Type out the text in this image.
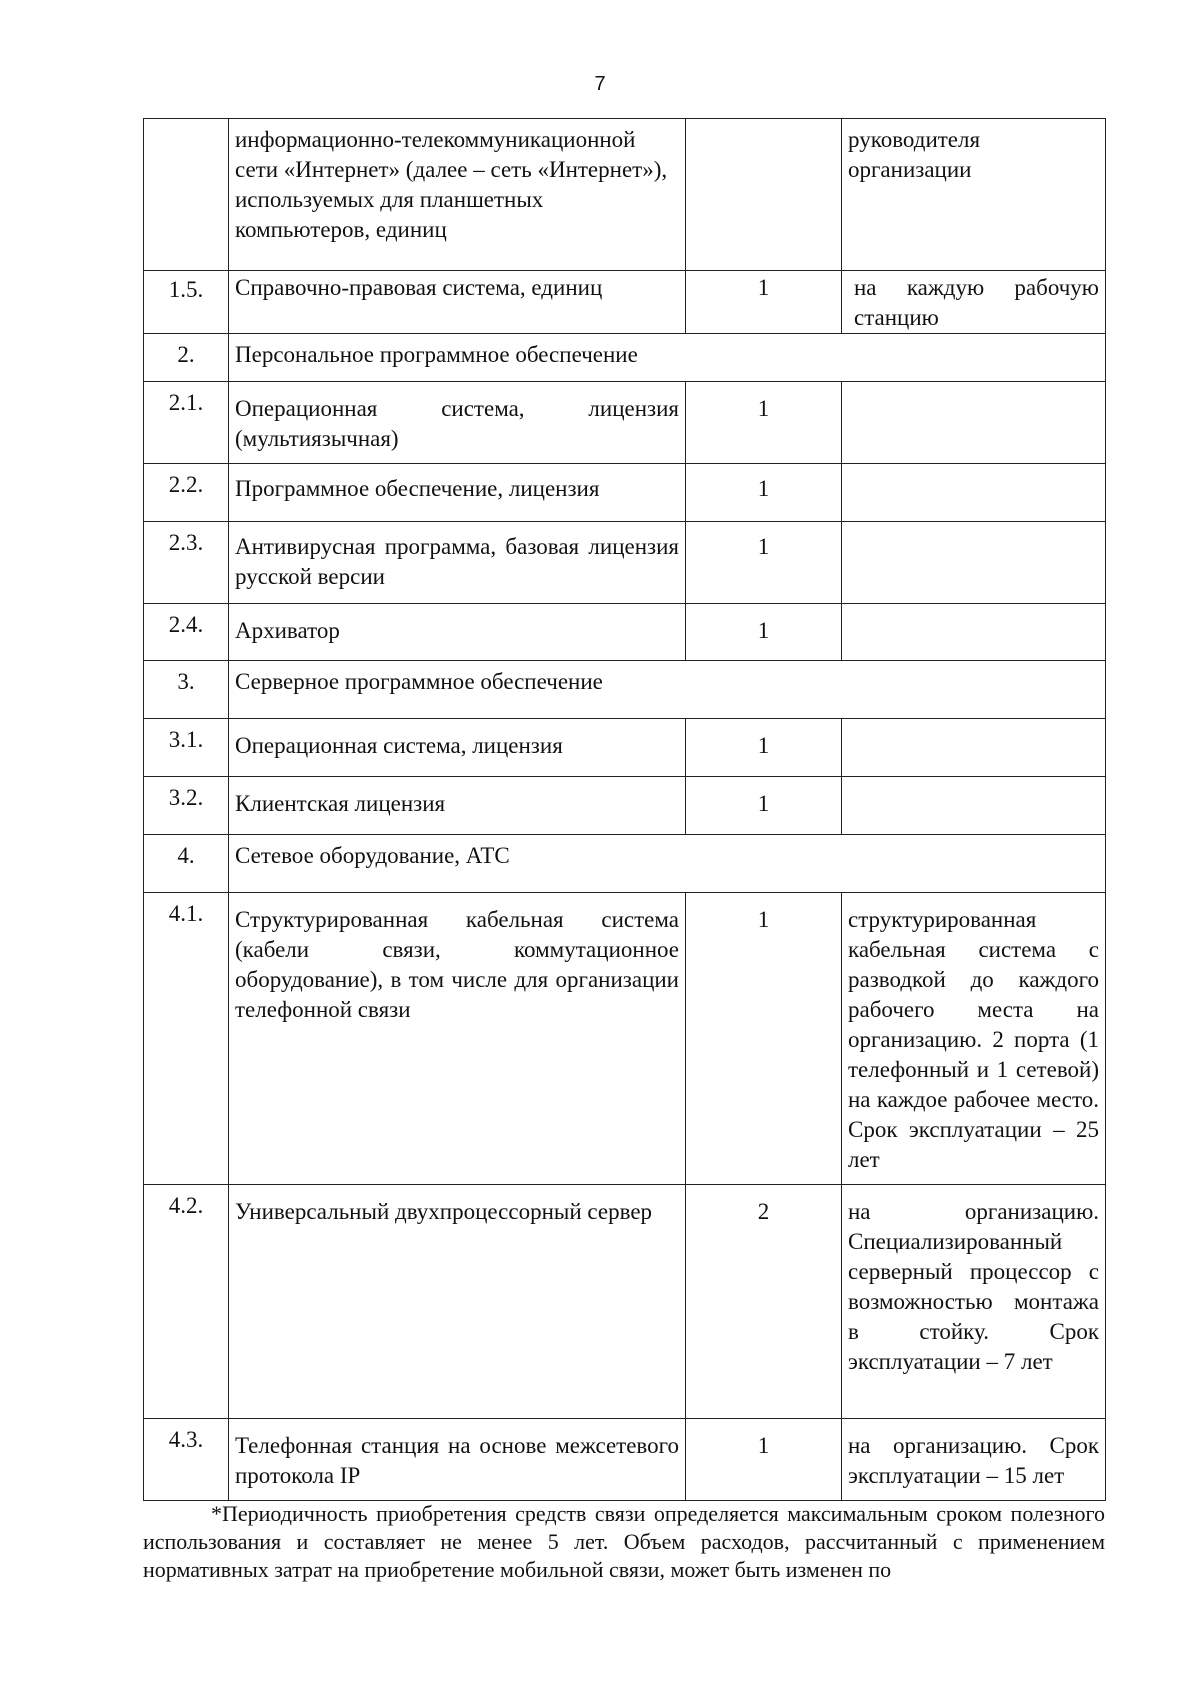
7
	информационно-телекоммуникационной сети «Интернет» (далее – сеть «Интернет»), используемых для планшетных компьютеров, единиц		руководителя организации
1.5.	Справочно-правовая система, единиц	1	на каждую рабочую станцию
2.	Персональное программное обеспечение		
2.1.	Операционная система, лицензия (мультиязычная)	1	
2.2.	Программное обеспечение, лицензия	1	
2.3.	Антивирусная программа, базовая лицензия русской версии	1	
2.4.	Архиватор	1	
3.	Серверное программное обеспечение		
3.1.	Операционная система, лицензия	1	
3.2.	Клиентская лицензия	1	
4.	Сетевое оборудование, АТС		
4.1.	Структурированная кабельная система (кабели связи, коммутационное оборудование), в том числе для организации телефонной связи	1	структурированная кабельная система с разводкой до каждого рабочего места на организацию. 2 порта (1 телефонный и 1 сетевой) на каждое рабочее место. Срок эксплуатации – 25 лет
4.2.	Универсальный двухпроцессорный сервер	2	на организацию. Специализированный серверный процессор с возможностью монтажа в стойку. Срок эксплуатации – 7 лет
4.3.	Телефонная станция на основе межсетевого протокола IP	1	на организацию. Срок эксплуатации – 15 лет
*Периодичность приобретения средств связи определяется максимальным сроком полезного использования и составляет не менее 5 лет. Объем расходов, рассчитанный с применением нормативных затрат на приобретение мобильной связи, может быть изменен по
